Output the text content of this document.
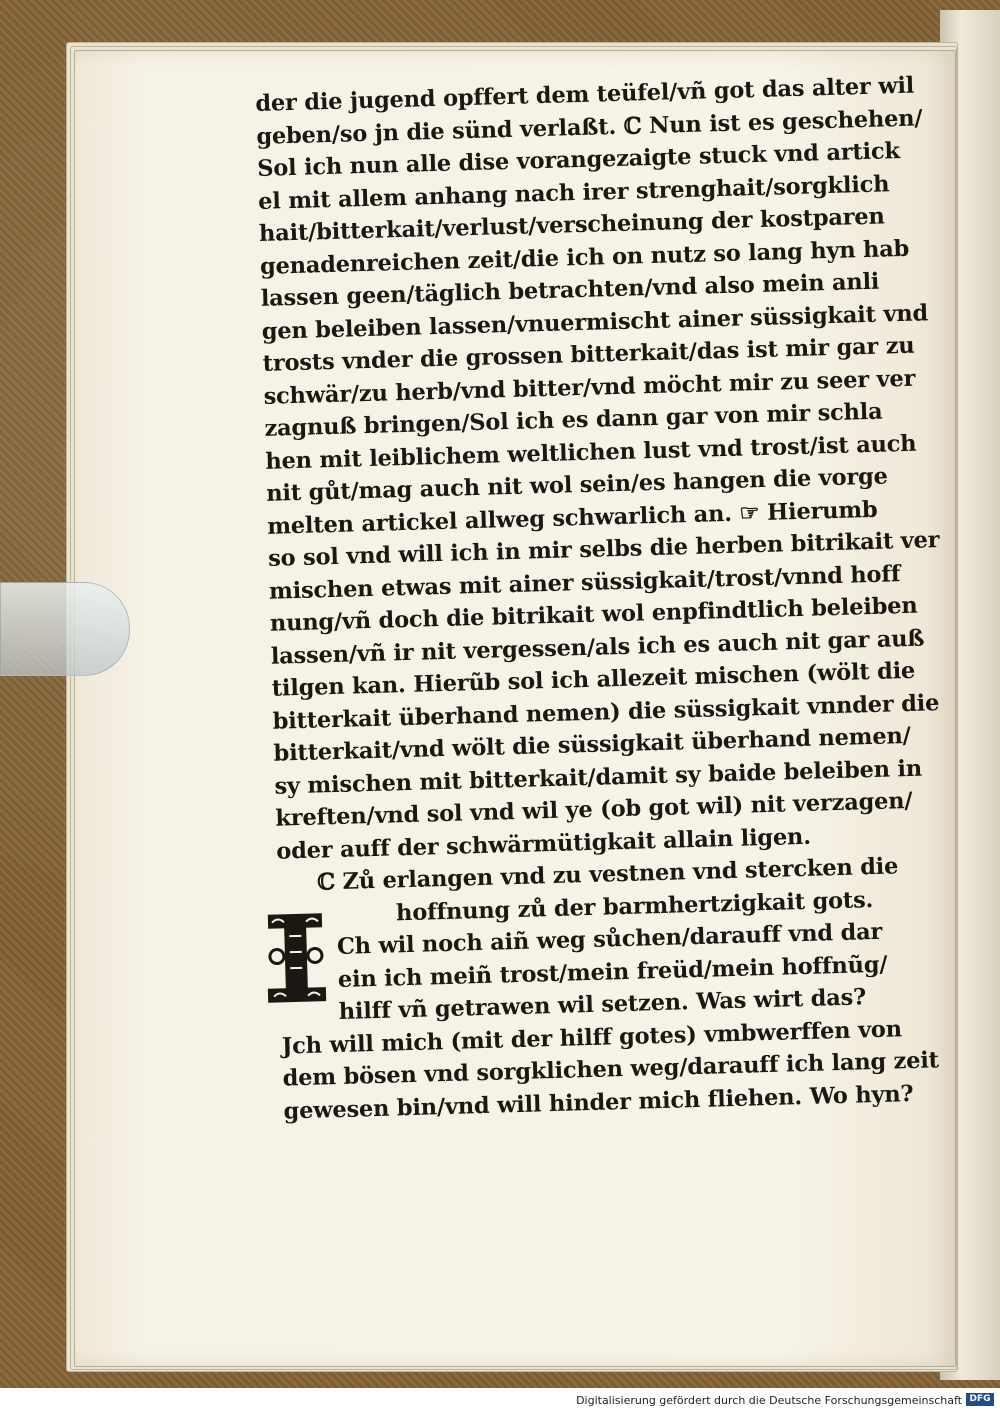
der die jugend opffert dem teüfel/vñ got das alter wil
geben/so jn die sünd verlaßt. ℂ Nun ist es geschehen/
Sol ich nun alle dise vorangezaigte stuck vnd artick
el mit allem anhang nach irer strenghait/sorgklich
hait/bitterkait/verlust/verscheinung der kostparen
genadenreichen zeit/die ich on nutz so lang hyn hab
lassen geen/täglich betrachten/vnd also mein anli
gen beleiben lassen/vnuermischt ainer süssigkait vnd
trosts vnder die grossen bitterkait/das ist mir gar zu
schwär/zu herb/vnd bitter/vnd möcht mir zu seer ver
zagnuß bringen/Sol ich es dann gar von mir schla
hen mit leiblichem weltlichen lust vnd trost/ist auch
nit gůt/mag auch nit wol sein/es hangen die vorge
melten artickel allweg schwarlich an. ☞ Hierumb
so sol vnd will ich in mir selbs die herben bitrikait ver
mischen etwas mit ainer süssigkait/trost/vnnd hoff
nung/vñ doch die bitrikait wol enpfindtlich beleiben
lassen/vñ ir nit vergessen/als ich es auch nit gar auß
tilgen kan. Hierũb sol ich allezeit mischen (wölt die
bitterkait überhand nemen) die süssigkait vnnder die
bitterkait/vnd wölt die süssigkait überhand nemen/
sy mischen mit bitterkait/damit sy baide beleiben in
kreften/vnd sol vnd wil ye (ob got wil) nit verzagen/
oder auff der schwärmütigkait allain ligen.
ℂ Zů erlangen vnd zu vestnen vnd stercken die
hoffnung zů der barmhertzigkait gots.
Ch wil noch aiñ weg sůchen/darauff vnd dar
ein ich meiñ trost/mein freüd/mein hoffnũg/
hilff vñ getrawen wil setzen. Was wirt das?
Jch will mich (mit der hilff gotes) vmbwerffen von
dem bösen vnd sorgklichen weg/darauff ich lang zeit
gewesen bin/vnd will hinder mich fliehen. Wo hyn?
Digitalisierung gefördert durch die Deutsche Forschungsgemeinschaft DFG
